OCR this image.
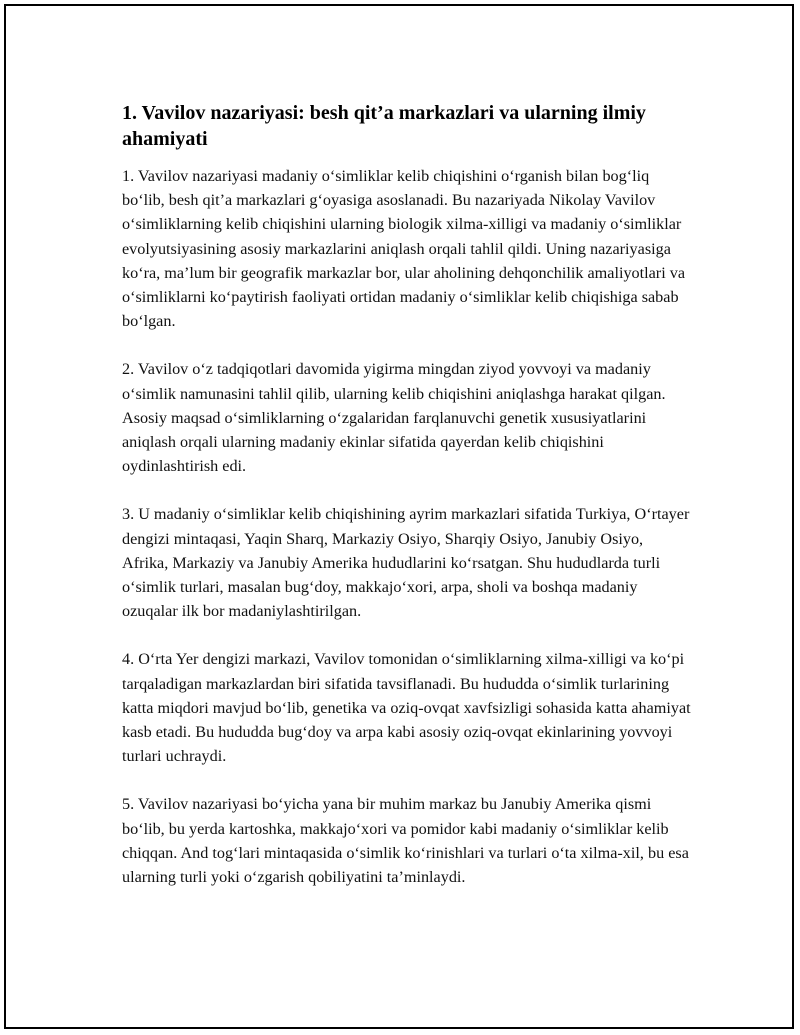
1. Vavilov nazariyasi: besh qit’a markazlari va ularning ilmiy ahamiyati

1. Vavilov nazariyasi madaniy o‘simliklar kelib chiqishini o‘rganish bilan bog‘liq bo‘lib, besh qit’a markazlari g‘oyasiga asoslanadi. Bu nazariyada Nikolay Vavilov o‘simliklarning kelib chiqishini ularning biologik xilma-xilligi va madaniy o‘simliklar evolyutsiyasining asosiy markazlarini aniqlash orqali tahlil qildi. Uning nazariyasiga ko‘ra, ma’lum bir geografik markazlar bor, ular aholining dehqonchilik amaliyotlari va o‘simliklarni ko‘paytirish faoliyati ortidan madaniy o‘simliklar kelib chiqishiga sabab bo‘lgan.

2. Vavilov o‘z tadqiqotlari davomida yigirma mingdan ziyod yovvoyi va madaniy o‘simlik namunasini tahlil qilib, ularning kelib chiqishini aniqlashga harakat qilgan. Asosiy maqsad o‘simliklarning o‘zgalaridan farqlanuvchi genetik xususiyatlarini aniqlash orqali ularning madaniy ekinlar sifatida qayerdan kelib chiqishini oydinlashtirish edi.

3. U madaniy o‘simliklar kelib chiqishining ayrim markazlari sifatida Turkiya, O‘rtayer dengizi mintaqasi, Yaqin Sharq, Markaziy Osiyo, Sharqiy Osiyo, Janubiy Osiyo, Afrika, Markaziy va Janubiy Amerika hududlarini ko‘rsatgan. Shu hududlarda turli o‘simlik turlari, masalan bug‘doy, makkajo‘xori, arpa, sholi va boshqa madaniy ozuqalar ilk bor madaniylashtirilgan.

4. O‘rta Yer dengizi markazi, Vavilov tomonidan o‘simliklarning xilma-xilligi va ko‘pi tarqaladigan markazlardan biri sifatida tavsiflanadi. Bu hududda o‘simlik turlarining katta miqdori mavjud bo‘lib, genetika va oziq-ovqat xavfsizligi sohasida katta ahamiyat kasb etadi. Bu hududda bug‘doy va arpa kabi asosiy oziq-ovqat ekinlarining yovvoyi turlari uchraydi.

5. Vavilov nazariyasi bo‘yicha yana bir muhim markaz bu Janubiy Amerika qismi bo‘lib, bu yerda kartoshka, makkajo‘xori va pomidor kabi madaniy o‘simliklar kelib chiqqan. And tog‘lari mintaqasida o‘simlik ko‘rinishlari va turlari o‘ta xilma-xil, bu esa ularning turli yoki o‘zgarish qobiliyatini ta’minlaydi.
